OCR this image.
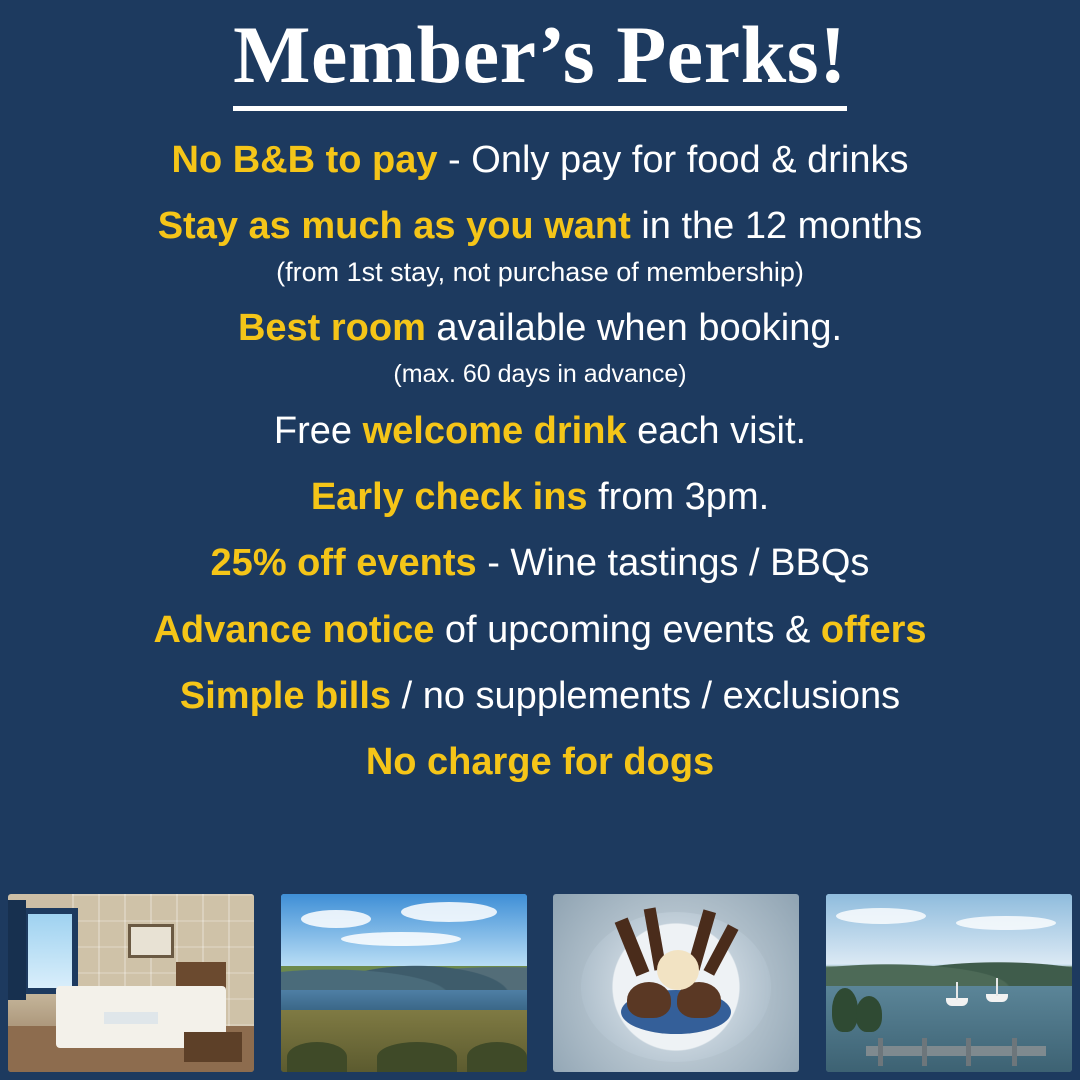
Member’s Perks!

No B&B to pay - Only pay for food & drinks

Stay as much as you want in the 12 months

(from 1st stay, not purchase of membership)

Best room available when booking.

(max. 60 days in advance)

Free welcome drink each visit.

Early check ins from 3pm.

25% off events - Wine tastings / BBQs

Advance notice of upcoming events & offers

Simple bills / no supplements / exclusions

No charge for dogs
